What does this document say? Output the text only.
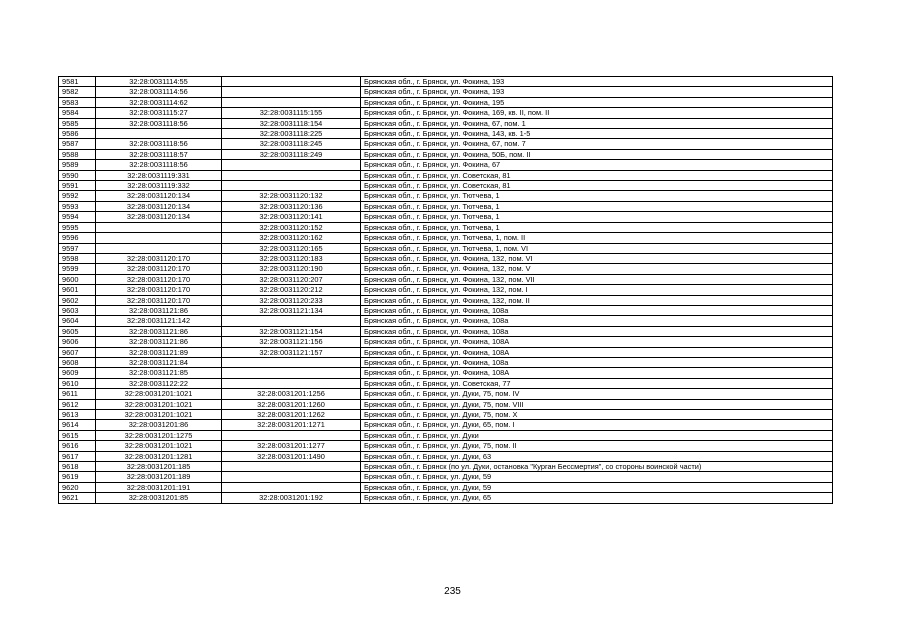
9581	32:28:0031114:55		Брянская обл., г. Брянск, ул. Фокина, 193
9582	32:28:0031114:56		Брянская обл., г. Брянск, ул. Фокина, 193
9583	32:28:0031114:62		Брянская обл., г. Брянск, ул. Фокина, 195
9584	32:28:0031115:27	32:28:0031115:155	Брянская обл., г. Брянск, ул. Фокина, 169, кв. II, пом. II
9585	32:28:0031118:56	32:28:0031118:154	Брянская обл., г. Брянск, ул. Фокина, 67, пом. 1
9586		32:28:0031118:225	Брянская обл., г. Брянск, ул. Фокина, 143, кв. 1-5
9587	32:28:0031118:56	32:28:0031118:245	Брянская обл., г. Брянск, ул. Фокина, 67, пом. 7
9588	32:28:0031118:57	32:28:0031118:249	Брянская обл., г. Брянск, ул. Фокина, 50Б, пом. II
9589	32:28:0031118:56		Брянская обл., г. Брянск, ул. Фокина, 67
9590	32:28:0031119:331		Брянская обл., г. Брянск, ул. Советская, 81
9591	32:28:0031119:332		Брянская обл., г. Брянск, ул. Советская, 81
9592	32:28:0031120:134	32:28:0031120:132	Брянская обл., г. Брянск, ул. Тютчева, 1
9593	32:28:0031120:134	32:28:0031120:136	Брянская обл., г. Брянск, ул. Тютчева, 1
9594	32:28:0031120:134	32:28:0031120:141	Брянская обл., г. Брянск, ул. Тютчева, 1
9595		32:28:0031120:152	Брянская обл., г. Брянск, ул. Тютчева, 1
9596		32:28:0031120:162	Брянская обл., г. Брянск, ул. Тютчева, 1, пом. II
9597		32:28:0031120:165	Брянская обл., г. Брянск, ул. Тютчева, 1, пом. VI
9598	32:28:0031120:170	32:28:0031120:183	Брянская обл., г. Брянск, ул. Фокина, 132, пом. VI
9599	32:28:0031120:170	32:28:0031120:190	Брянская обл., г. Брянск, ул. Фокина, 132, пом. V
9600	32:28:0031120:170	32:28:0031120:207	Брянская обл., г. Брянск, ул. Фокина, 132, пом. VII
9601	32:28:0031120:170	32:28:0031120:212	Брянская обл., г. Брянск, ул. Фокина, 132, пом. I
9602	32:28:0031120:170	32:28:0031120:233	Брянская обл., г. Брянск, ул. Фокина, 132, пом. II
9603	32:28:0031121:86	32:28:0031121:134	Брянская обл., г. Брянск, ул. Фокина, 108а
9604	32:28:0031121:142		Брянская обл., г. Брянск, ул. Фокина, 108а
9605	32:28:0031121:86	32:28:0031121:154	Брянская обл., г. Брянск, ул. Фокина, 108а
9606	32:28:0031121:86	32:28:0031121:156	Брянская обл., г. Брянск, ул. Фокина, 108А
9607	32:28:0031121:89	32:28:0031121:157	Брянская обл., г. Брянск, ул. Фокина, 108А
9608	32:28:0031121:84		Брянская обл., г. Брянск, ул. Фокина, 108а
9609	32:28:0031121:85		Брянская обл., г. Брянск, ул. Фокина, 108А
9610	32:28:0031122:22		Брянская обл., г. Брянск, ул. Советская, 77
9611	32:28:0031201:1021	32:28:0031201:1256	Брянская обл., г. Брянск, ул. Дуки, 75, пом. IV
9612	32:28:0031201:1021	32:28:0031201:1260	Брянская обл., г. Брянск, ул. Дуки, 75, пом. VIII
9613	32:28:0031201:1021	32:28:0031201:1262	Брянская обл., г. Брянск, ул. Дуки, 75, пом. X
9614	32:28:0031201:86	32:28:0031201:1271	Брянская обл., г. Брянск, ул. Дуки, 65, пом. I
9615	32:28:0031201:1275		Брянская обл., г. Брянск, ул. Дуки
9616	32:28:0031201:1021	32:28:0031201:1277	Брянская обл., г. Брянск, ул. Дуки, 75, пом. II
9617	32:28:0031201:1281	32:28:0031201:1490	Брянская обл., г. Брянск, ул. Дуки, 63
9618	32:28:0031201:185		Брянская обл., г. Брянск (по ул. Дуки, остановка "Курган Бессмертия", со стороны воинской части)
9619	32:28:0031201:189		Брянская обл., г. Брянск, ул. Дуки, 59
9620	32:28:0031201:191		Брянская обл., г. Брянск, ул. Дуки, 59
9621	32:28:0031201:85	32:28:0031201:192	Брянская обл., г. Брянск, ул. Дуки, 65
235
